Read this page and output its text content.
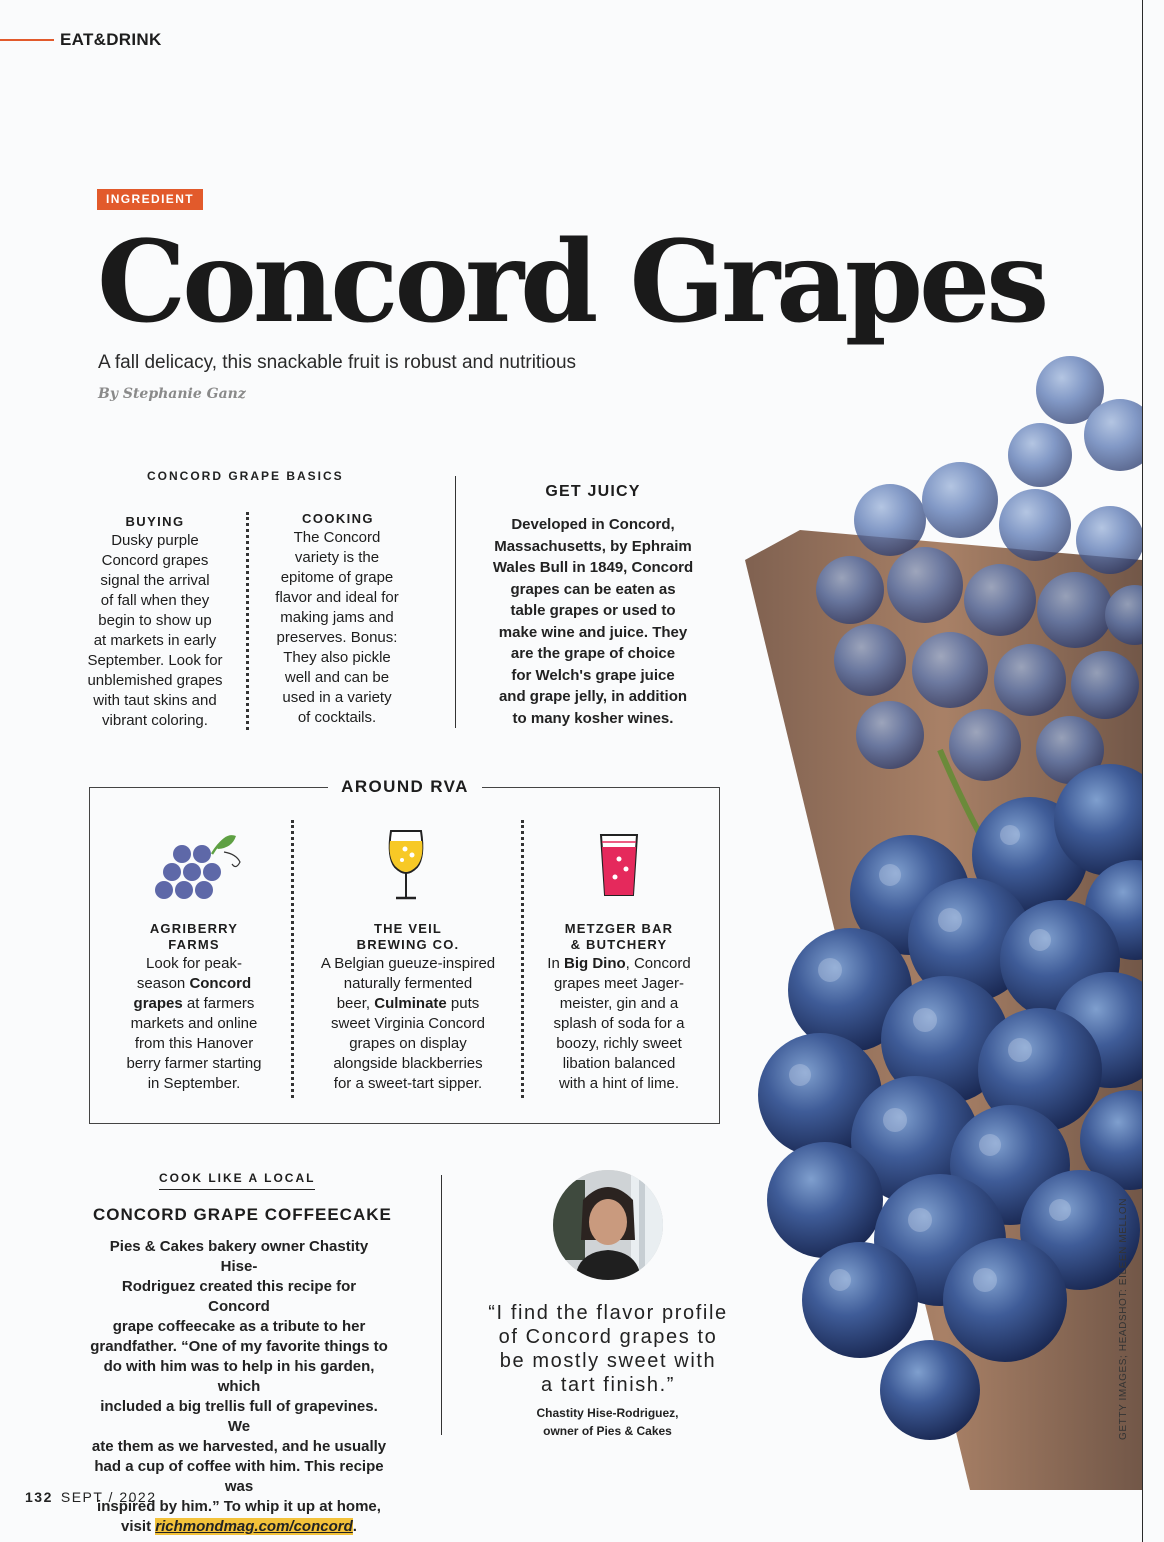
EAT&DRINK
INGREDIENT
Concord Grapes
A fall delicacy, this snackable fruit is robust and nutritious
By Stephanie Ganz
GETTY IMAGES; HEADSHOT: EILEEN MELLON
CONCORD GRAPE BASICS
BUYING
Dusky purple
Concord grapes
signal the arrival
of fall when they
begin to show up
at markets in early
September. Look for
unblemished grapes
with taut skins and
vibrant coloring.
COOKING
The Concord
variety is the
epitome of grape
flavor and ideal for
making jams and
preserves. Bonus:
They also pickle
well and can be
used in a variety
of cocktails.
GET JUICY
Developed in Concord,
Massachusetts, by Ephraim
Wales Bull in 1849, Concord
grapes can be eaten as
table grapes or used to
make wine and juice. They
are the grape of choice
for Welch's grape juice
and grape jelly, in addition
to many kosher wines.
AROUND RVA
AGRIBERRY
FARMS
THE VEIL
BREWING CO.
METZGER BAR
& BUTCHERY
Look for peak-
season Concord
grapes at farmers
markets and online
from this Hanover
berry farmer starting
in September.
A Belgian gueuze-inspired
naturally fermented
beer, Culminate puts
sweet Virginia Concord
grapes on display
alongside blackberries
for a sweet-tart sipper.
In Big Dino, Concord
grapes meet Jager-
meister, gin and a
splash of soda for a
boozy, richly sweet
libation balanced
with a hint of lime.
COOK LIKE A LOCAL
CONCORD GRAPE COFFEECAKE
Pies & Cakes bakery owner Chastity Hise-
Rodriguez created this recipe for Concord
grape coffeecake as a tribute to her
grandfather. “One of my favorite things to
do with him was to help in his garden, which
included a big trellis full of grapevines. We
ate them as we harvested, and he usually
had a cup of coffee with him. This recipe was
inspired by him.” To whip it up at home,
visit richmondmag.com/concord.
“I find the flavor profile
of Concord grapes to
be mostly sweet with
a tart finish.”
Chastity Hise-Rodriguez,
owner of Pies & Cakes
132 SEPT / 2022
